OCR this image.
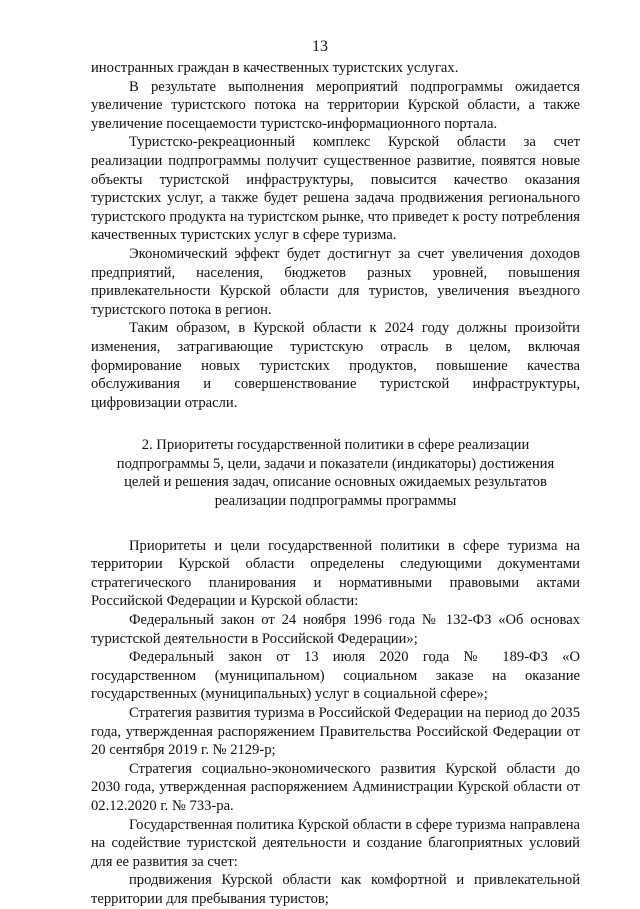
13

иностранных граждан в качественных туристских услугах.

В результате выполнения мероприятий подпрограммы ожидается увеличение туристского потока на территории Курской области, а также увеличение посещаемости туристско-информационного портала.

Туристско-рекреационный комплекс Курской области за счет реализации подпрограммы получит существенное развитие, появятся новые объекты туристской инфраструктуры, повысится качество оказания туристских услуг, а также будет решена задача продвижения регионального туристского продукта на туристском рынке, что приведет к росту потребления качественных туристских услуг в сфере туризма.

Экономический эффект будет достигнут за счет увеличения доходов предприятий, населения, бюджетов разных уровней, повышения привлекательности Курской области для туристов, увеличения въездного туристского потока в регион.

Таким образом, в Курской области к 2024 году должны произойти изменения, затрагивающие туристскую отрасль в целом, включая формирование новых туристских продуктов, повышение качества обслуживания и совершенствование туристской инфраструктуры, цифровизации отрасли.

2. Приоритеты государственной политики в сфере реализации
подпрограммы 5, цели, задачи и показатели (индикаторы) достижения
целей и решения задач, описание основных ожидаемых результатов
реализации подпрограммы программы

Приоритеты и цели государственной политики в сфере туризма на территории Курской области определены следующими документами стратегического планирования и нормативными правовыми актами Российской Федерации и Курской области:

Федеральный закон от 24 ноября 1996 года № 132-ФЗ «Об основах туристской деятельности в Российской Федерации»;

Федеральный закон от 13 июля 2020 года № 189-ФЗ «О государственном (муниципальном) социальном заказе на оказание государственных (муниципальных) услуг в социальной сфере»;

Стратегия развития туризма в Российской Федерации на период до 2035 года, утвержденная распоряжением Правительства Российской Федерации от 20 сентября 2019 г. № 2129-р;

Стратегия социально-экономического развития Курской области до 2030 года, утвержденная распоряжением Администрации Курской области от 02.12.2020 г. № 733-ра.

Государственная политика Курской области в сфере туризма направлена на содействие туристской деятельности и создание благоприятных условий для ее развития за счет:

продвижения Курской области как комфортной и привлекательной территории для пребывания туристов;
